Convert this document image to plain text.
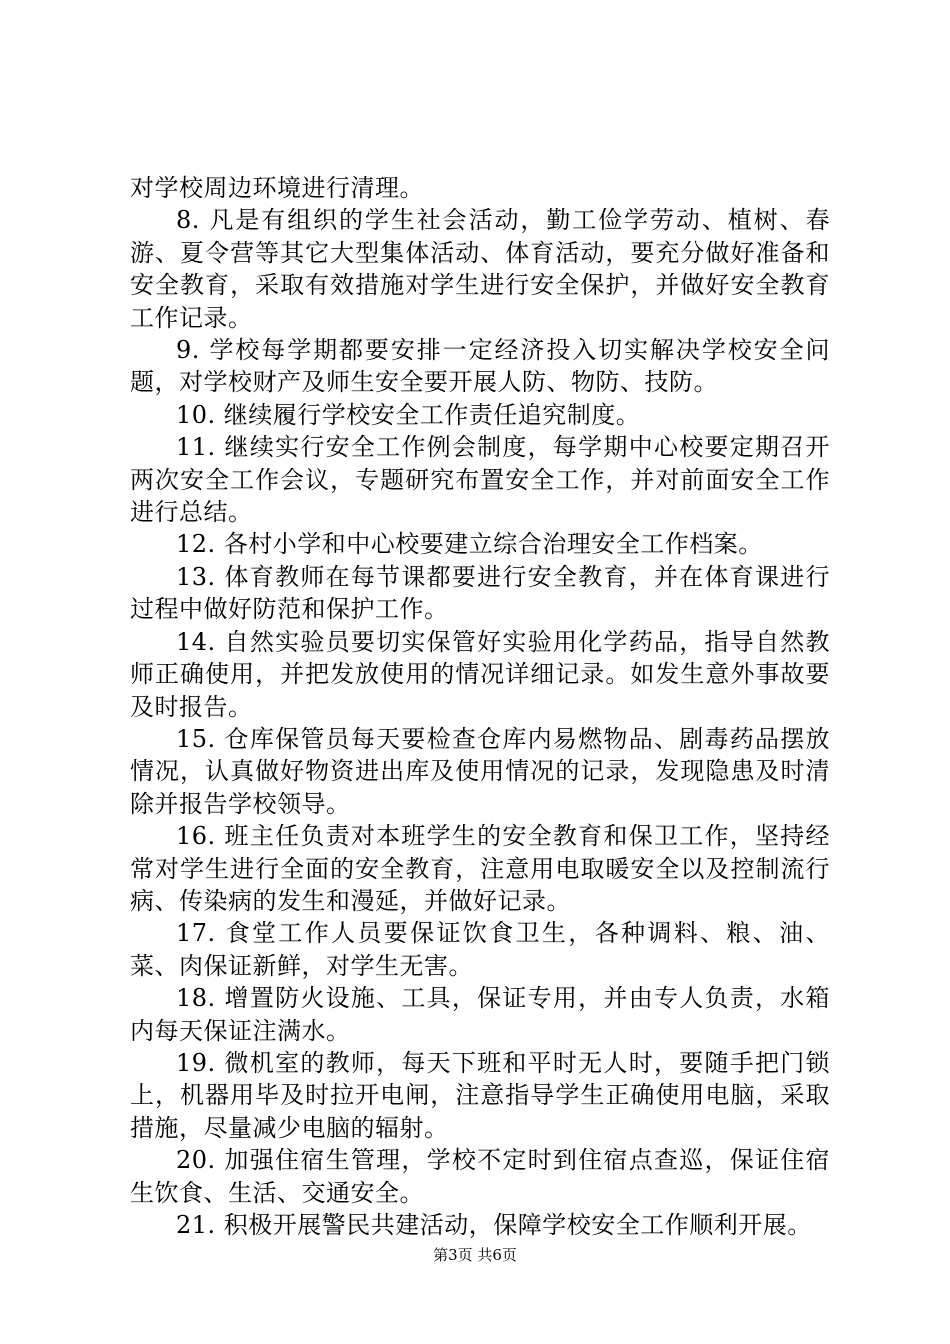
对学校周边环境进行清理。

8. 凡是有组织的学生社会活动，勤工俭学劳动、植树、春游、夏令营等其它大型集体活动、体育活动，要充分做好准备和安全教育，采取有效措施对学生进行安全保护，并做好安全教育工作记录。

9. 学校每学期都要安排一定经济投入切实解决学校安全问题，对学校财产及师生安全要开展人防、物防、技防。

10. 继续履行学校安全工作责任追究制度。

11. 继续实行安全工作例会制度，每学期中心校要定期召开两次安全工作会议，专题研究布置安全工作，并对前面安全工作进行总结。

12. 各村小学和中心校要建立综合治理安全工作档案。

13. 体育教师在每节课都要进行安全教育，并在体育课进行过程中做好防范和保护工作。

14. 自然实验员要切实保管好实验用化学药品，指导自然教师正确使用，并把发放使用的情况详细记录。如发生意外事故要及时报告。

15. 仓库保管员每天要检查仓库内易燃物品、剧毒药品摆放情况，认真做好物资进出库及使用情况的记录，发现隐患及时清除并报告学校领导。

16. 班主任负责对本班学生的安全教育和保卫工作，坚持经常对学生进行全面的安全教育，注意用电取暖安全以及控制流行病、传染病的发生和漫延，并做好记录。

17. 食堂工作人员要保证饮食卫生，各种调料、粮、油、菜、肉保证新鲜，对学生无害。

18. 增置防火设施、工具，保证专用，并由专人负责，水箱内每天保证注满水。

19. 微机室的教师，每天下班和平时无人时，要随手把门锁上，机器用毕及时拉开电闸，注意指导学生正确使用电脑，采取措施，尽量减少电脑的辐射。

20. 加强住宿生管理，学校不定时到住宿点查巡，保证住宿生饮食、生活、交通安全。

21. 积极开展警民共建活动，保障学校安全工作顺利开展。

第3页 共6页
